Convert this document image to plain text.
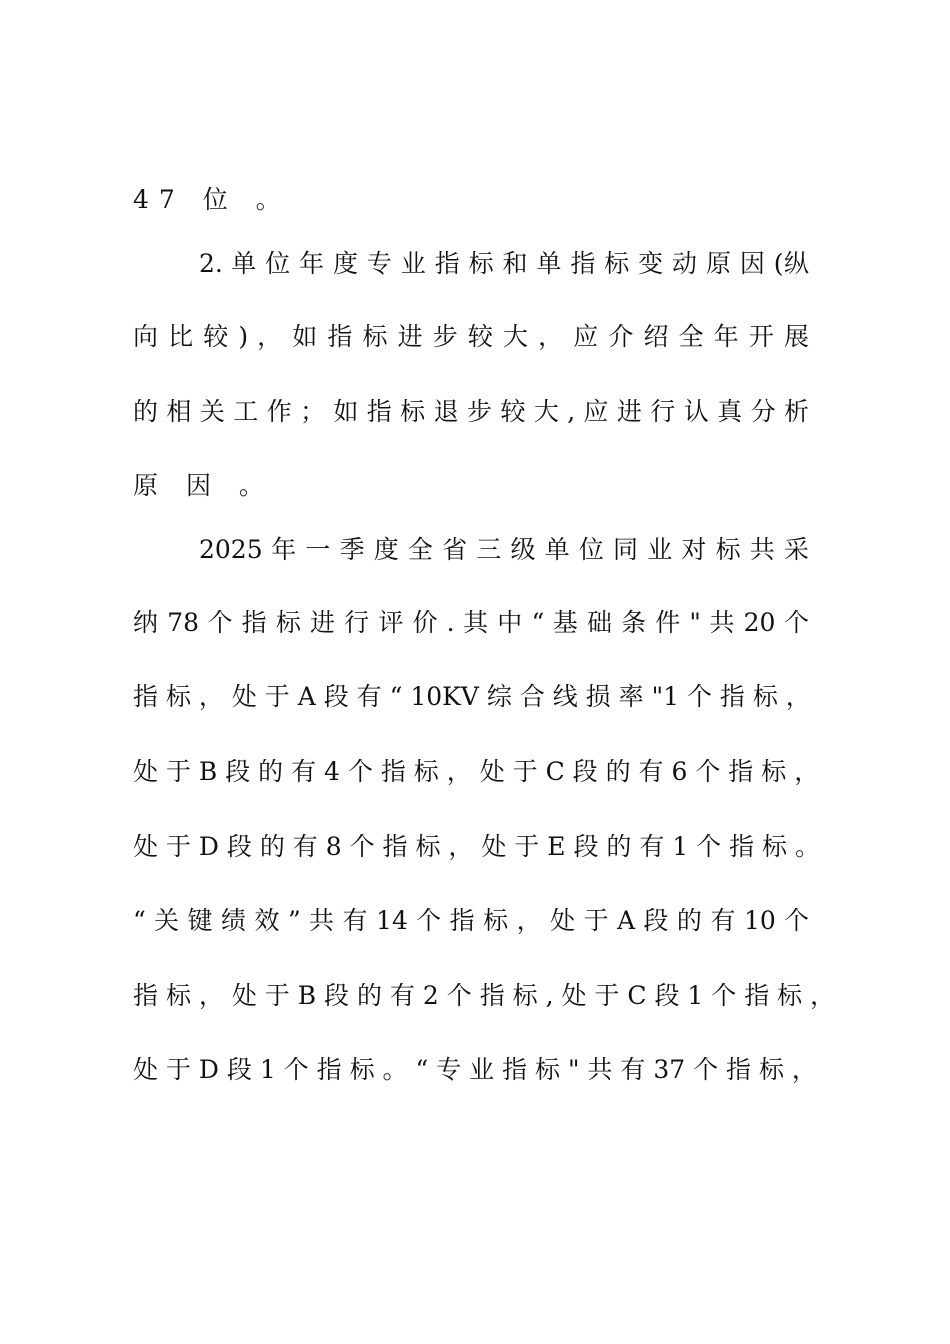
47 位 。
2. 单 位 年 度 专 业 指 标 和 单 指 标 变 动 原 因 (纵
向 比 较 ) ， 如 指 标 进 步 较 大 ， 应 介 绍 全 年 开 展
的 相 关 工 作 ； 如 指 标 退 步 较 大 , 应 进 行 认 真 分 析
原 因 。
2025 年 一 季 度 全 省 三 级 单 位 同 业 对 标 共 采
纳 78 个 指 标 进 行 评 价 . 其 中 “ 基 础 条 件 " 共 20 个
指 标 ， 处 于 A 段 有 “ 10KV 综 合 线 损 率 "1 个 指 标 ，
处 于 B 段 的 有 4 个 指 标 ， 处 于 C 段 的 有 6 个 指 标 ，
处 于 D 段 的 有 8 个 指 标 ， 处 于 E 段 的 有 1 个 指 标 。
“ 关 键 绩 效 ” 共 有 14 个 指 标 ， 处 于 A 段 的 有 10 个
指 标 ， 处 于 B 段 的 有 2 个 指 标 , 处 于 C 段 1 个 指 标 ，
处 于 D 段 1 个 指 标 。 “ 专 业 指 标 " 共 有 37 个 指 标 ，
